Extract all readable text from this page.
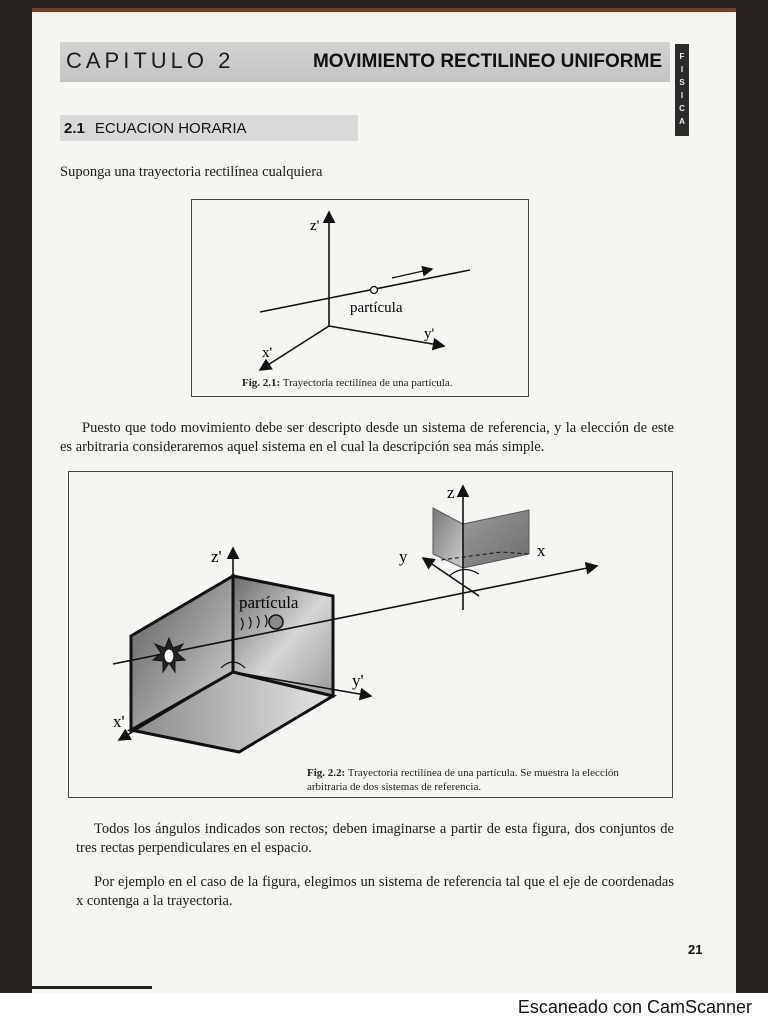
CAPITULO 2	MOVIMIENTO RECTILINEO UNIFORME	F
I
S
I
C
A
2.1 ECUACION HORARIA
Suponga una trayectoria rectilínea cualquiera
z'
partícula
y'
x'
Fig. 2.1: Trayectoria rectilínea de una partícula.
Puesto que todo movimiento debe ser descripto desde un sistema de referencia, y la elección de este es arbitraria consideraremos aquel sistema en el cual la descripción sea más simple.
z'
partícula
y'
x'
z
y	x
Fig. 2.2: Trayectoria rectilínea de una partícula. Se muestra la elección arbitraria de dos sistemas de referencia.
Todos los ángulos indicados son rectos; deben imaginarse a partir de esta figura, dos conjuntos de tres rectas perpendiculares en el espacio.
Por ejemplo en el caso de la figura, elegimos un sistema de referencia tal que el eje de coordenadas x contenga a la trayectoria.
21
Escaneado con CamScanner
